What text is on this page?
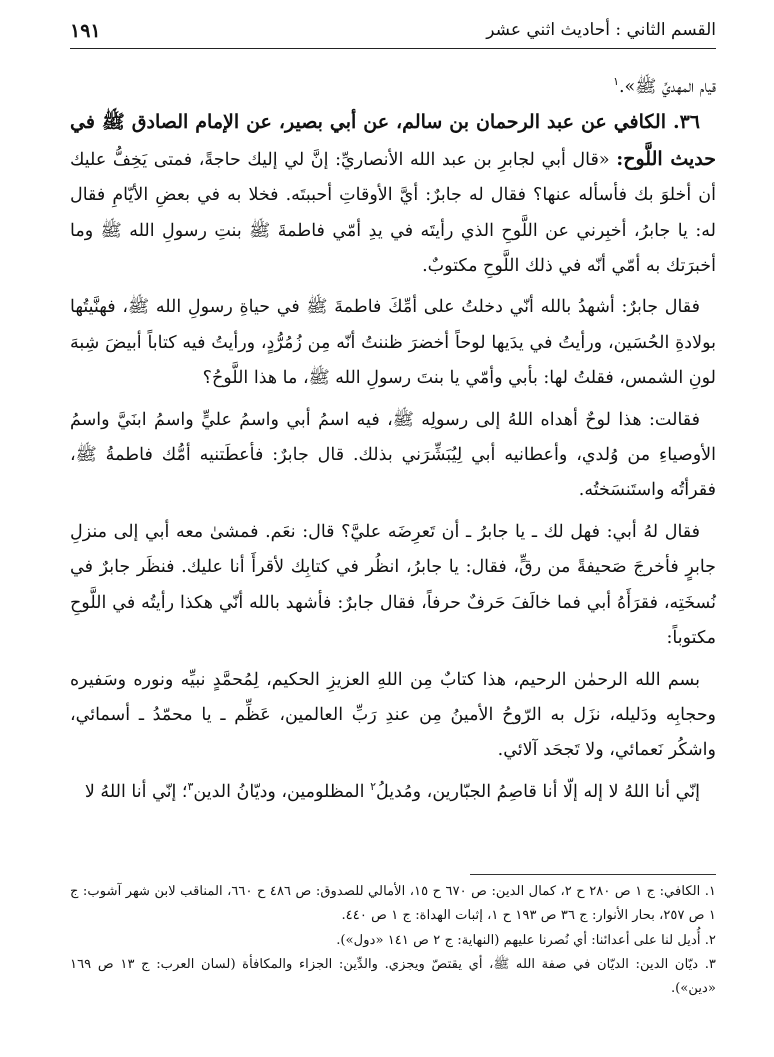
القسم الثاني : أحاديث اثني عشر
١٩١

قيام المهديِّ ﷺ».$^١$

٣٦. الكافي عن عبد الرحمان بن سالم، عن أبي بصير، عن الإمام الصادق ﷺ في حديث اللَّوح: «قال أبي لجابرِ بن عبد الله الأنصاريِّ: إنَّ لي إليك حاجةً، فمتى يَخِفُّ عليك أن أخلوَ بك فأسأله عنها؟ فقال له جابرٌ: أيَّ الأوقاتِ أحببتَه. فخلا به في بعضِ الأيّامِ فقال له: يا جابرُ، أخبِرني عن اللَّوحِ الذي رأيتَه في يدِ أمّي فاطمةَ ﷺ بنتِ رسولِ الله ﷺ وما أخبرَتك به أمّي أنّه في ذلك اللَّوحِ مكتوبٌ.

فقال جابرٌ: أشهدُ بالله أنّي دخلتُ على أمِّكَ فاطمةَ ﷺ في حياةِ رسولِ الله ﷺ، فهنَّيتُها بولادةِ الحُسَين، ورأيتُ في يدَيها لوحاً أخضرَ ظننتُ أنّه مِن زُمُرُّدٍ، ورأيتُ فيه كتاباً أبيضَ شِبهَ لونِ الشمس، فقلتُ لها: بأبي وأمّي يا بنتَ رسولِ الله ﷺ، ما هذا اللَّوحُ؟

فقالت: هذا لوحٌ أهداه اللهُ إلى رسولِه ﷺ، فيه اسمُ أبي واسمُ عليٍّ واسمُ ابنَيَّ واسمُ الأوصياءِ من وُلدي، وأعطانيه أبي لِيُبَشِّرَني بذلك. قال جابرٌ: فأعطَتنيه أمُّك فاطمةُ ﷺ، فقرأتُه واستَنسَختُه.

فقال لهُ أبي: فهل لك ـ يا جابرُ ـ أن تَعرِضَه عليَّ؟ قال: نعَم. فمشىٰ معه أبي إلى منزلِ جابرٍ فأخرجَ صَحيفةً من رقٍّ، فقال: يا جابرُ، انظُر في كتابِك لأقرأَ أنا عليك. فنظَر جابرٌ في نُسخَتِه، فقرَأَهُ أبي فما خالَفَ حَرفٌ حرفاً، فقال جابرٌ: فأشهد بالله أنّي هكذا رأيتُه في اللَّوحِ مكتوباً:

بسم الله الرحمٰن الرحيم، هذا كتابٌ مِن اللهِ العزيزِ الحكيم، لِمُحمَّدٍ نبيِّه ونوره وسَفيره وحجابِه ودَليله، نزَل به الرّوحُ الأمينُ مِن عندِ رَبِّ العالمين، عَظِّم ـ يا محمّدُ ـ أسمائي، واشكُر نَعمائي، ولا تَجحَد آلائي.

إنّي أنا اللهُ لا إله إلّا أنا قاصِمُ الجبّارين، ومُديلُ$^٢$ المظلومين، وديّانُ الدين$^٣$؛ إنّي أنا اللهُ لا

١. الكافي: ج ١ ص ٢٨٠ ح ٢، كمال الدين: ص ٦٧٠ ح ١٥، الأمالي للصدوق: ص ٤٨٦ ح ٦٦٠، المناقب لابن شهر آشوب: ج ١ ص ٢٥٧، بحار الأنوار: ج ٣٦ ص ١٩٣ ح ١، إثبات الهداة: ج ١ ص ٤٤٠.

٢. أُديل لنا على أعدائنا: أي نُصرنا عليهم (النهاية: ج ٢ ص ١٤١ «دول»).

٣. ديّان الدين: الديّان في صفة الله ﷺ، أي يقتصّ ويجزي. والدِّين: الجزاء والمكافأة (لسان العرب: ج ١٣ ص ١٦٩ «دين»).
